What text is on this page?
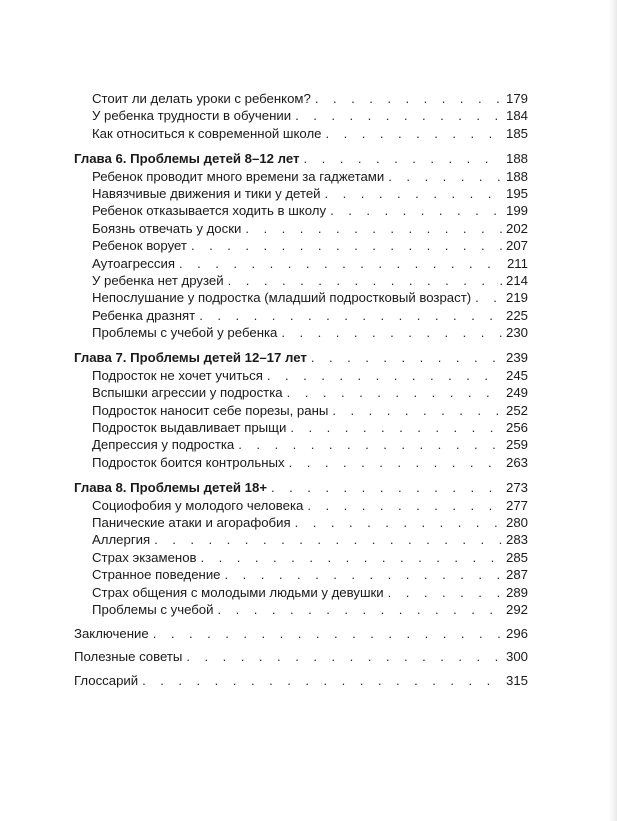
Стоит ли делать уроки с ребенком? . . .	179
У ребенка трудности в обучении . . .	184
Как относиться к современной школе . . .	185
Глава 6. Проблемы детей 8–12 лет . . .	188
Ребенок проводит много времени за гаджетами . . .	188
Навязчивые движения и тики у детей . . .	195
Ребенок отказывается ходить в школу . . .	199
Боязнь отвечать у доски . . .	202
Ребенок ворует . . .	207
Аутоагрессия . . .	211
У ребенка нет друзей . . .	214
Непослушание у подростка (младший подростковый возраст) . . .	219
Ребенка дразнят . . .	225
Проблемы с учебой у ребенка . . .	230
Глава 7. Проблемы детей 12–17 лет . . .	239
Подросток не хочет учиться . . .	245
Вспышки агрессии у подростка . . .	249
Подросток наносит себе порезы, раны . . .	252
Подросток выдавливает прыщи . . .	256
Депрессия у подростка . . .	259
Подросток боится контрольных . . .	263
Глава 8. Проблемы детей 18+ . . .	273
Социофобия у молодого человека . . .	277
Панические атаки и агорафобия . . .	280
Аллергия . . .	283
Страх экзаменов . . .	285
Странное поведение . . .	287
Страх общения с молодыми людьми у девушки . . .	289
Проблемы с учебой . . .	292
Заключение . . .	296
Полезные советы . . .	300
Глоссарий . . .	315
